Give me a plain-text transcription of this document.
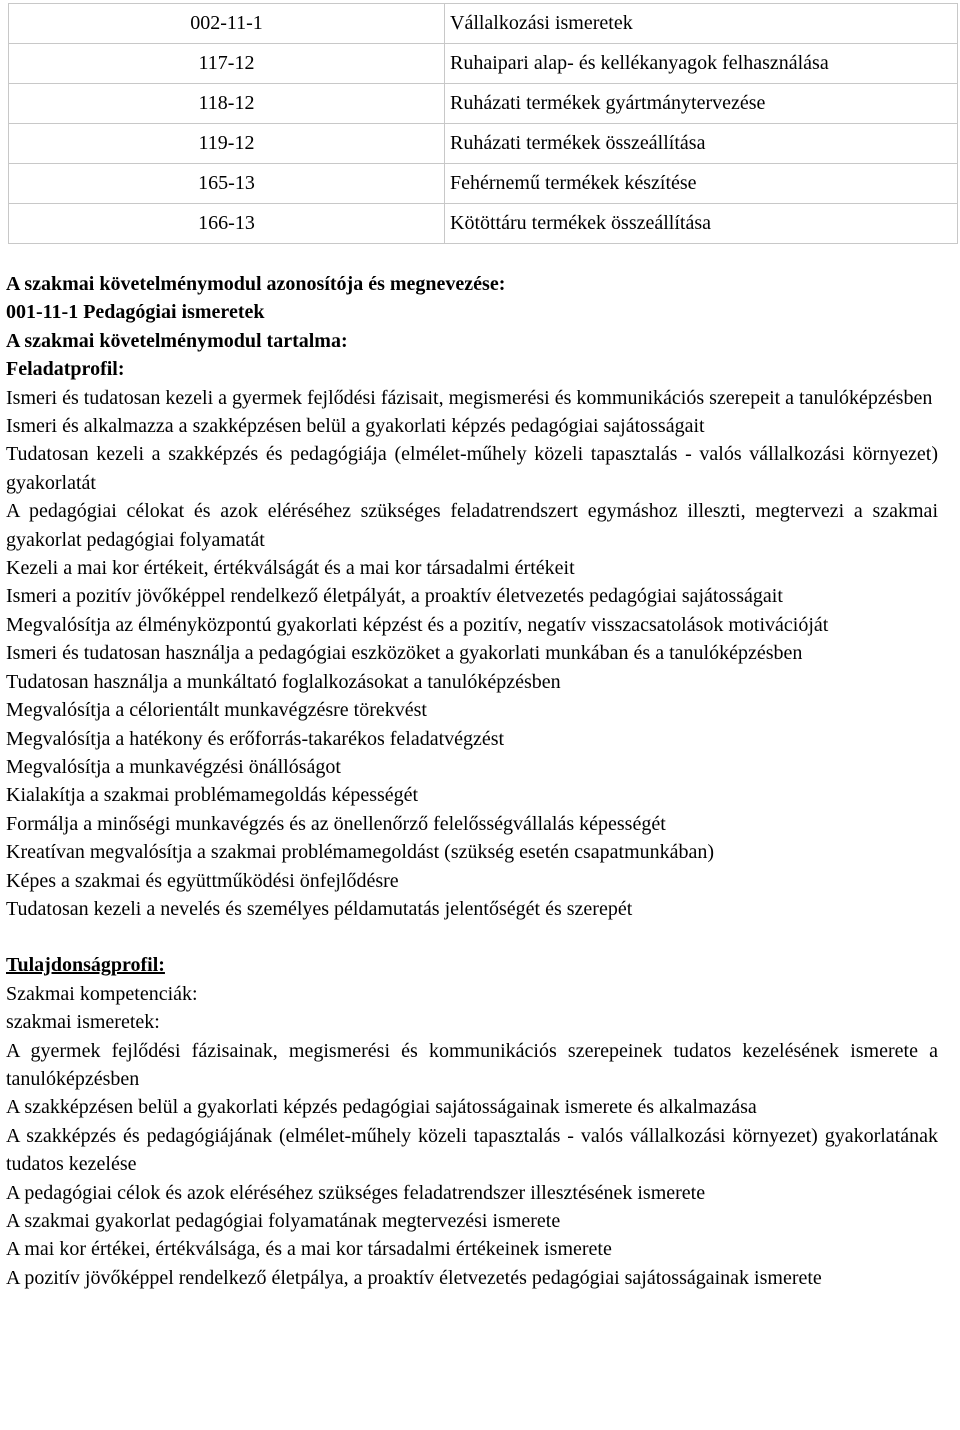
002-11-1	Vállalkozási ismeretek
117-12	Ruhaipari alap- és kellékanyagok felhasználása
118-12	Ruházati termékek gyártmánytervezése
119-12	Ruházati termékek összeállítása
165-13	Fehérnemű termékek készítése
166-13	Kötöttáru termékek összeállítása

A szakmai követelménymodul azonosítója és megnevezése:

001-11-1 Pedagógiai ismeretek

A szakmai követelménymodul tartalma:

Feladatprofil:

Ismeri és tudatosan kezeli a gyermek fejlődési fázisait, megismerési és kommunikációs szerepeit a tanulóképzésben

Ismeri és alkalmazza a szakképzésen belül a gyakorlati képzés pedagógiai sajátosságait

Tudatosan kezeli a szakképzés és pedagógiája (elmélet-műhely közeli tapasztalás - valós vállalkozási környezet) gyakorlatát

A pedagógiai célokat és azok eléréséhez szükséges feladatrendszert egymáshoz illeszti, megtervezi a szakmai gyakorlat pedagógiai folyamatát

Kezeli a mai kor értékeit, értékválságát és a mai kor társadalmi értékeit

Ismeri a pozitív jövőképpel rendelkező életpályát, a proaktív életvezetés pedagógiai sajátosságait

Megvalósítja az élményközpontú gyakorlati képzést és a pozitív, negatív visszacsatolások motivációját

Ismeri és tudatosan használja a pedagógiai eszközöket a gyakorlati munkában és a tanulóképzésben

Tudatosan használja a munkáltató foglalkozásokat a tanulóképzésben

Megvalósítja a célorientált munkavégzésre törekvést

Megvalósítja a hatékony és erőforrás-takarékos feladatvégzést

Megvalósítja a munkavégzési önállóságot

Kialakítja a szakmai problémamegoldás képességét

Formálja a minőségi munkavégzés és az önellenőrző felelősségvállalás képességét

Kreatívan megvalósítja a szakmai problémamegoldást (szükség esetén csapatmunkában)

Képes a szakmai és együttműködési önfejlődésre

Tudatosan kezeli a nevelés és személyes példamutatás jelentőségét és szerepét

Tulajdonságprofil:

Szakmai kompetenciák:

szakmai ismeretek:

A gyermek fejlődési fázisainak, megismerési és kommunikációs szerepeinek tudatos kezelésének ismerete a tanulóképzésben

A szakképzésen belül a gyakorlati képzés pedagógiai sajátosságainak ismerete és alkalmazása

A szakképzés és pedagógiájának (elmélet-műhely közeli tapasztalás - valós vállalkozási környezet) gyakorlatának tudatos kezelése

A pedagógiai célok és azok eléréséhez szükséges feladatrendszer illesztésének ismerete

A szakmai gyakorlat pedagógiai folyamatának megtervezési ismerete

A mai kor értékei, értékválsága, és a mai kor társadalmi értékeinek ismerete

A pozitív jövőképpel rendelkező életpálya, a proaktív életvezetés pedagógiai sajátosságainak ismerete
